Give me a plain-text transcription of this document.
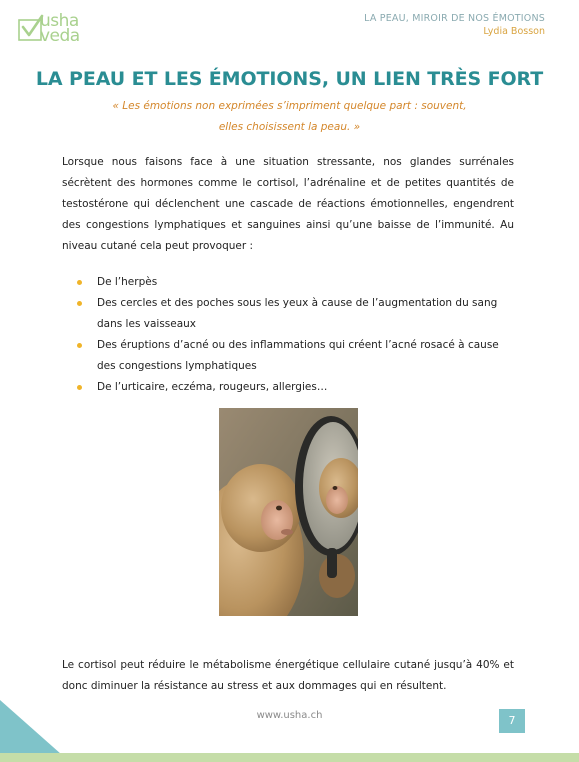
usha
veda
LA PEAU, MIROIR DE NOS ÉMOTIONS
Lydia Bosson
LA PEAU ET LES ÉMOTIONS, UN LIEN TRÈS FORT
« Les émotions non exprimées s’impriment quelque part : souvent,
elles choisissent la peau. »
Lorsque nous faisons face à une situation stressante, nos glandes surrénales sécrètent des hormones comme le cortisol, l’adrénaline et de petites quantités de testostérone qui déclenchent une cascade de réactions émotionnelles, engendrent des congestions lymphatiques et sanguines ainsi qu’une baisse de l’immunité. Au niveau cutané cela peut provoquer :
De l’herpès
Des cercles et des poches sous les yeux à cause de l’augmentation du sang dans les vaisseaux
Des éruptions d’acné ou des inflammations qui créent l’acné rosacé à cause des congestions lymphatiques
De l’urticaire, eczéma, rougeurs, allergies…
Le cortisol peut réduire le métabolisme énergétique cellulaire cutané jusqu’à 40% et donc diminuer la résistance au stress et aux dommages qui en résultent.
www.usha.ch	7
